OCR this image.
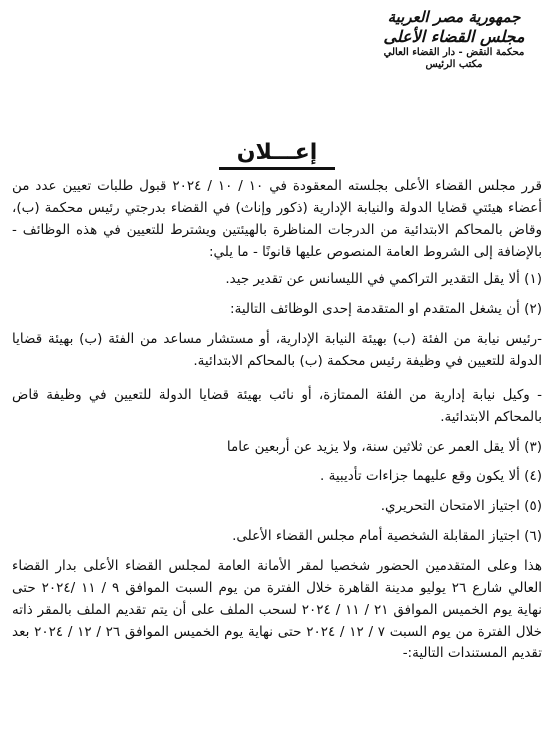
جمهورية مصر العربية
مجلس القضاء الأعلى
محكمة النقض - دار القضاء العالي
مكتب الرئيس
إعـــلان

قرر مجلس القضاء الأعلى بجلسته المعقودة في ١٠ / ١٠ / ٢٠٢٤ قبول طلبات تعيين عدد من أعضاء هيئتي قضايا الدولة والنيابة الإدارية (ذكور وإناث) في القضاء بدرجتي رئيس محكمة (ب)، وقاض بالمحاكم الابتدائية من الدرجات المناظرة بالهيئتين ويشترط للتعيين في هذه الوظائف - بالإضافة إلى الشروط العامة المنصوص عليها قانونًا - ما يلي:

(١) ألا يقل التقدير التراكمي في الليسانس عن تقدير جيد.

(٢) أن يشغل المتقدم او المتقدمة إحدى الوظائف التالية:

-رئيس نيابة من الفئة (ب) بهيئة النيابة الإدارية، أو مستشار مساعد من الفئة (ب) بهيئة قضايا الدولة للتعيين في وظيفة رئيس محكمة (ب) بالمحاكم الابتدائية.

- وكيل نيابة إدارية من الفئة الممتازة، أو نائب بهيئة قضايا الدولة للتعيين في وظيفة قاض بالمحاكم الابتدائية.

(٣) ألا يقل العمر عن ثلاثين سنة، ولا يزيد عن أربعين عاما

(٤) ألا يكون وقع عليهما جزاءات تأديبية .

(٥) اجتياز الامتحان التحريري.

(٦) اجتياز المقابلة الشخصية أمام مجلس القضاء الأعلى.

هذا وعلى المتقدمين الحضور شخصيا لمقر الأمانة العامة لمجلس القضاء الأعلى بدار القضاء العالي شارع ٢٦ يوليو مدينة القاهرة خلال الفترة من يوم السبت الموافق ٩ / ١١ /٢٠٢٤ حتى نهاية يوم الخميس الموافق ٢١ / ١١ / ٢٠٢٤ لسحب الملف على أن يتم تقديم الملف بالمقر ذاته خلال الفترة من يوم السبت ٧ / ١٢ / ٢٠٢٤ حتى نهاية يوم الخميس الموافق ٢٦ / ١٢ / ٢٠٢٤ بعد تقديم المستندات التالية:-
